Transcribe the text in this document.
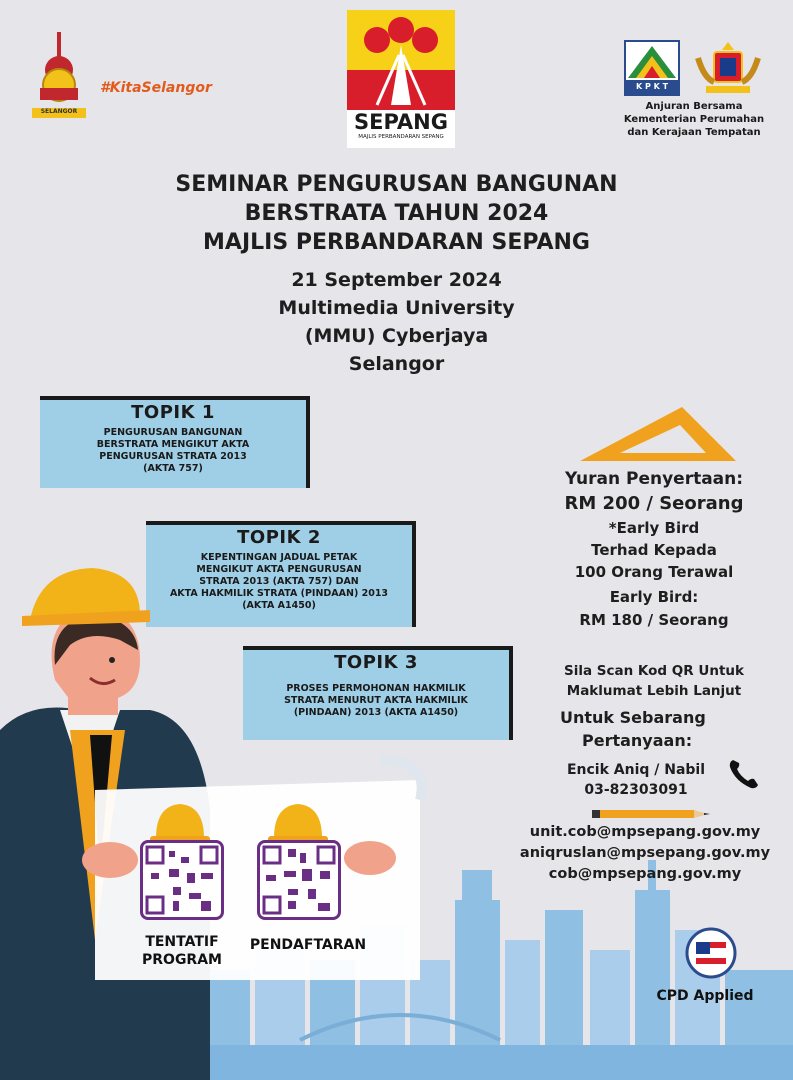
SELANGOR
#KitaSelangor
SEPANG
MAJLIS PERBANDARAN SEPANG
K P K T
Anjuran Bersama
Kementerian Perumahan
dan Kerajaan Tempatan
SEMINAR PENGURUSAN BANGUNAN
BERSTRATA TAHUN 2024
MAJLIS PERBANDARAN SEPANG
21 September 2024
Multimedia University
(MMU) Cyberjaya
Selangor
TOPIK 1

PENGURUSAN BANGUNAN

BERSTRATA MENGIKUT AKTA

PENGURUSAN STRATA 2013

(AKTA 757)

TOPIK 2

KEPENTINGAN JADUAL PETAK

MENGIKUT AKTA PENGURUSAN

STRATA 2013 (AKTA 757) DAN

AKTA HAKMILIK STRATA (PINDAAN) 2013

(AKTA A1450)

TOPIK 3

PROSES PERMOHONAN HAKMILIK

STRATA MENURUT AKTA HAKMILIK

(PINDAAN) 2013 (AKTA A1450)

Yuran Penyertaan:
RM 200 / Seorang
*Early Bird
Terhad Kepada
100 Orang Terawal
Early Bird:
RM 180 / Seorang
Sila Scan Kod QR Untuk
Maklumat Lebih Lanjut
Untuk Sebarang
Pertanyaan:
Encik Aniq / Nabil
03-82303091
unit.cob@mpsepang.gov.my
aniqruslan@mpsepang.gov.my
cob@mpsepang.gov.my
TENTATIF
PROGRAM
PENDAFTARAN
CPD Applied
